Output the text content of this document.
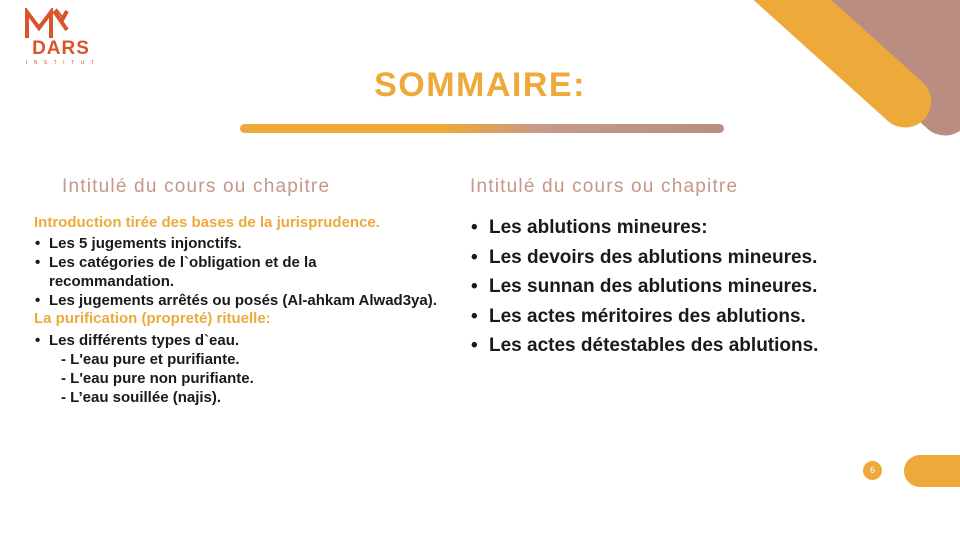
6
DARS
I N S T I T U T
SOMMAIRE:
Intitulé du cours ou chapitre
Introduction tirée des bases de la jurisprudence.
• Les 5 jugements injonctifs.
• Les catégories de l`obligation et de la recommandation.
• Les jugements arrêtés ou posés (Al-ahkam Alwad3ya).
La purification (propreté) rituelle:
• Les différents types d`eau.
- L'eau pure et purifiante.
- L'eau pure non purifiante.
- L’eau souillée (najis).
Intitulé du cours ou chapitre
• Les ablutions mineures:
• Les devoirs des ablutions mineures.
• Les sunnan des ablutions mineures.
• Les actes méritoires des ablutions.
• Les actes détestables des ablutions.
